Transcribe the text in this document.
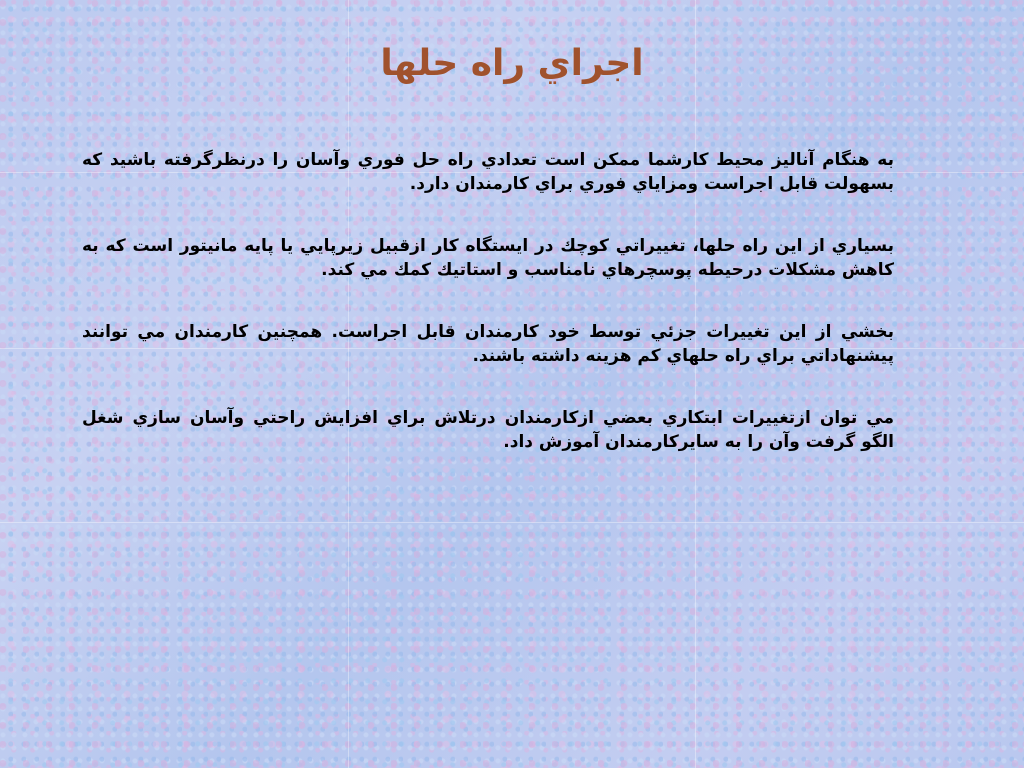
اجراي راه حلها

به هنگام آناليز محيط كارشما ممكن است تعدادي راه حل فوري وآسان را درنظرگرفته باشيد كه بسهولت قابل اجراست ومزاياي فوري براي كارمندان دارد.

بسياري از اين راه حلها، تغييراتي كوچك در ايستگاه كار ازقبيل زيرپايي يا پايه مانيتور است كه به كاهش مشكلات درحيطه پوسچرهاي نامناسب و استاتيك كمك مي كند.

بخشي از اين تغييرات جزئي توسط خود كارمندان قابل اجراست. همچنين كارمندان مي توانند پيشنهاداتي براي راه حلهاي كم هزينه داشته باشند.

مي توان ازتغييرات ابتكاري بعضي ازكارمندان درتلاش براي افزايش راحتي وآسان سازي شغل الگو گرفت وآن را به سايركارمندان آموزش داد.
